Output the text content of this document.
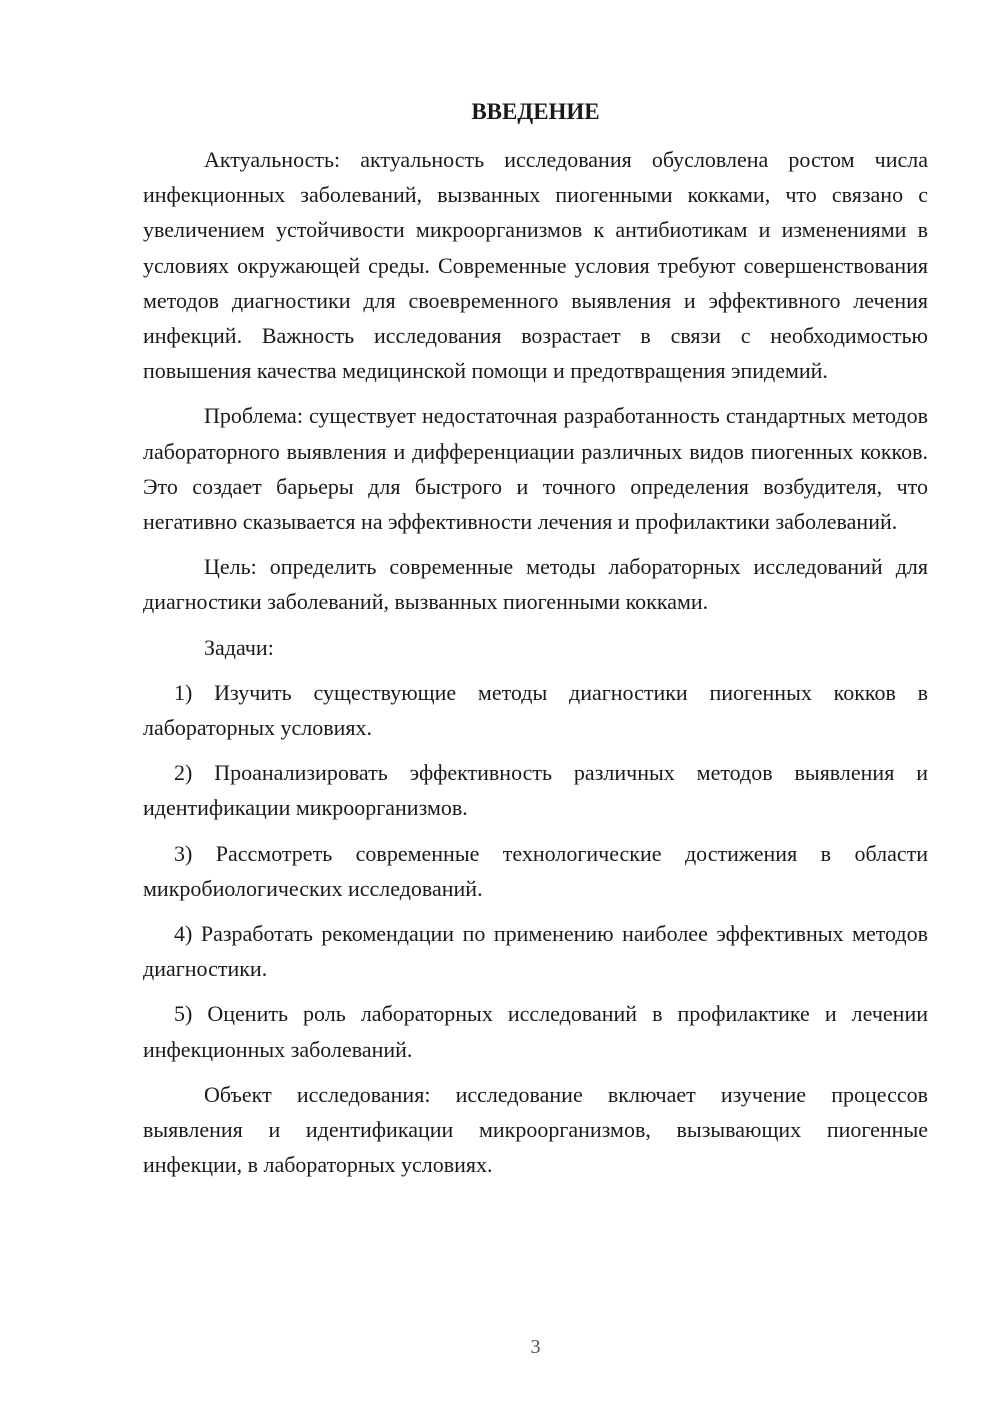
ВВЕДЕНИЕ

Актуальность: актуальность исследования обусловлена ростом числа инфекционных заболеваний, вызванных пиогенными кокками, что связано с увеличением устойчивости микроорганизмов к антибиотикам и изменениями в условиях окружающей среды. Современные условия требуют совершенствования методов диагностики для своевременного выявления и эффективного лечения инфекций. Важность исследования возрастает в связи с необходимостью повышения качества медицинской помощи и предотвращения эпидемий.

Проблема: существует недостаточная разработанность стандартных методов лабораторного выявления и дифференциации различных видов пиогенных кокков. Это создает барьеры для быстрого и точного определения возбудителя, что негативно сказывается на эффективности лечения и профилактики заболеваний.

Цель: определить современные методы лабораторных исследований для диагностики заболеваний, вызванных пиогенными кокками.

Задачи:

1) Изучить существующие методы диагностики пиогенных кокков в лабораторных условиях.

2) Проанализировать эффективность различных методов выявления и идентификации микроорганизмов.

3) Рассмотреть современные технологические достижения в области микробиологических исследований.

4) Разработать рекомендации по применению наиболее эффективных методов диагностики.

5) Оценить роль лабораторных исследований в профилактике и лечении инфекционных заболеваний.

Объект исследования: исследование включает изучение процессов выявления и идентификации микроорганизмов, вызывающих пиогенные инфекции, в лабораторных условиях.

3
